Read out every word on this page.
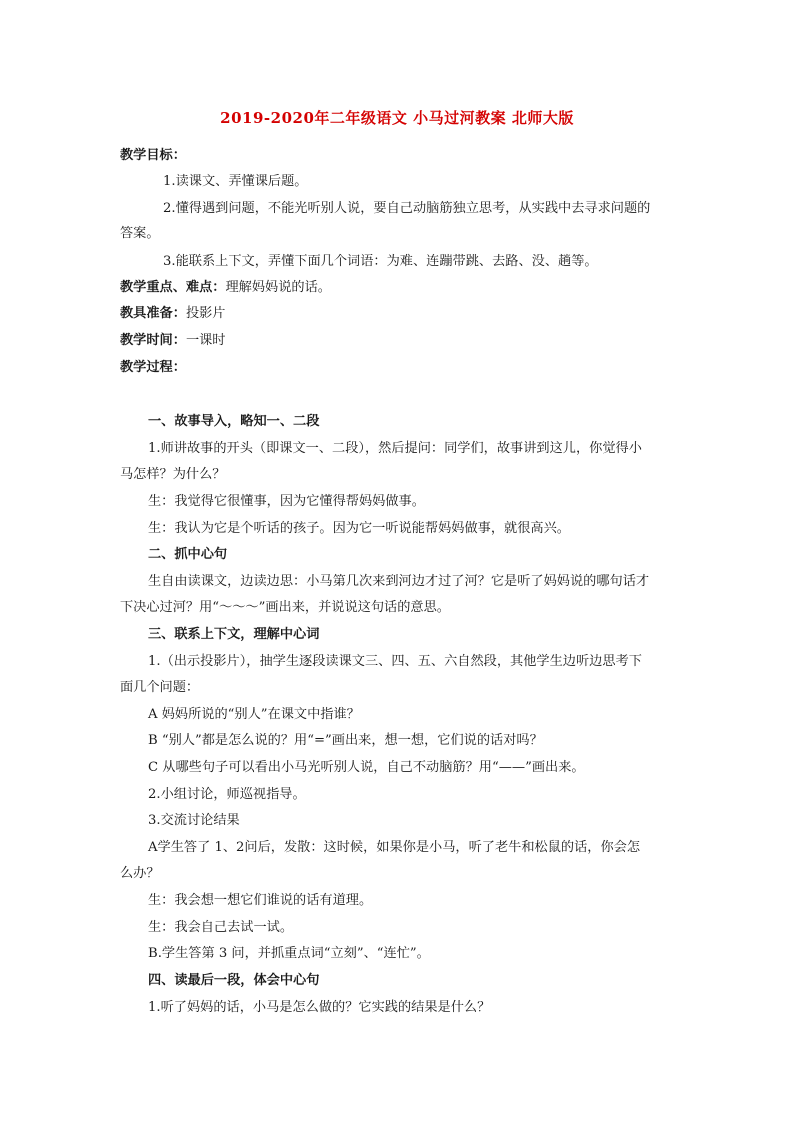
2019-2020年二年级语文 小马过河教案 北师大版
教学目标：
1.读课文、弄懂课后题。
2.懂得遇到问题，不能光听别人说，要自己动脑筋独立思考，从实践中去寻求问题的
答案。
3.能联系上下文，弄懂下面几个词语：为难、连蹦带跳、去路、没、趟等。
教学重点、难点：理解妈妈说的话。
教具准备：投影片
教学时间：一课时
教学过程：
一、故事导入，略知一、二段
1.师讲故事的开头（即课文一、二段），然后提问：同学们，故事讲到这儿，你觉得小
马怎样？为什么？
生：我觉得它很懂事，因为它懂得帮妈妈做事。
生：我认为它是个听话的孩子。因为它一听说能帮妈妈做事，就很高兴。
二、抓中心句
生自由读课文，边读边思：小马第几次来到河边才过了河？它是听了妈妈说的哪句话才
下决心过河？用“～～～”画出来，并说说这句话的意思。
三、联系上下文，理解中心词
1.（出示投影片），抽学生逐段读课文三、四、五、六自然段，其他学生边听边思考下
面几个问题：
A 妈妈所说的“别人”在课文中指谁？
B “别人”都是怎么说的？用“=”画出来，想一想，它们说的话对吗？
C 从哪些句子可以看出小马光听别人说，自己不动脑筋？用“——”画出来。
2.小组讨论，师巡视指导。
3.交流讨论结果
A学生答了 1、2问后，发散：这时候，如果你是小马，听了老牛和松鼠的话，你会怎
么办？
生：我会想一想它们谁说的话有道理。
生：我会自己去试一试。
B.学生答第 3 问，并抓重点词“立刻”、“连忙”。
四、读最后一段，体会中心句
1.听了妈妈的话，小马是怎么做的？它实践的结果是什么？
